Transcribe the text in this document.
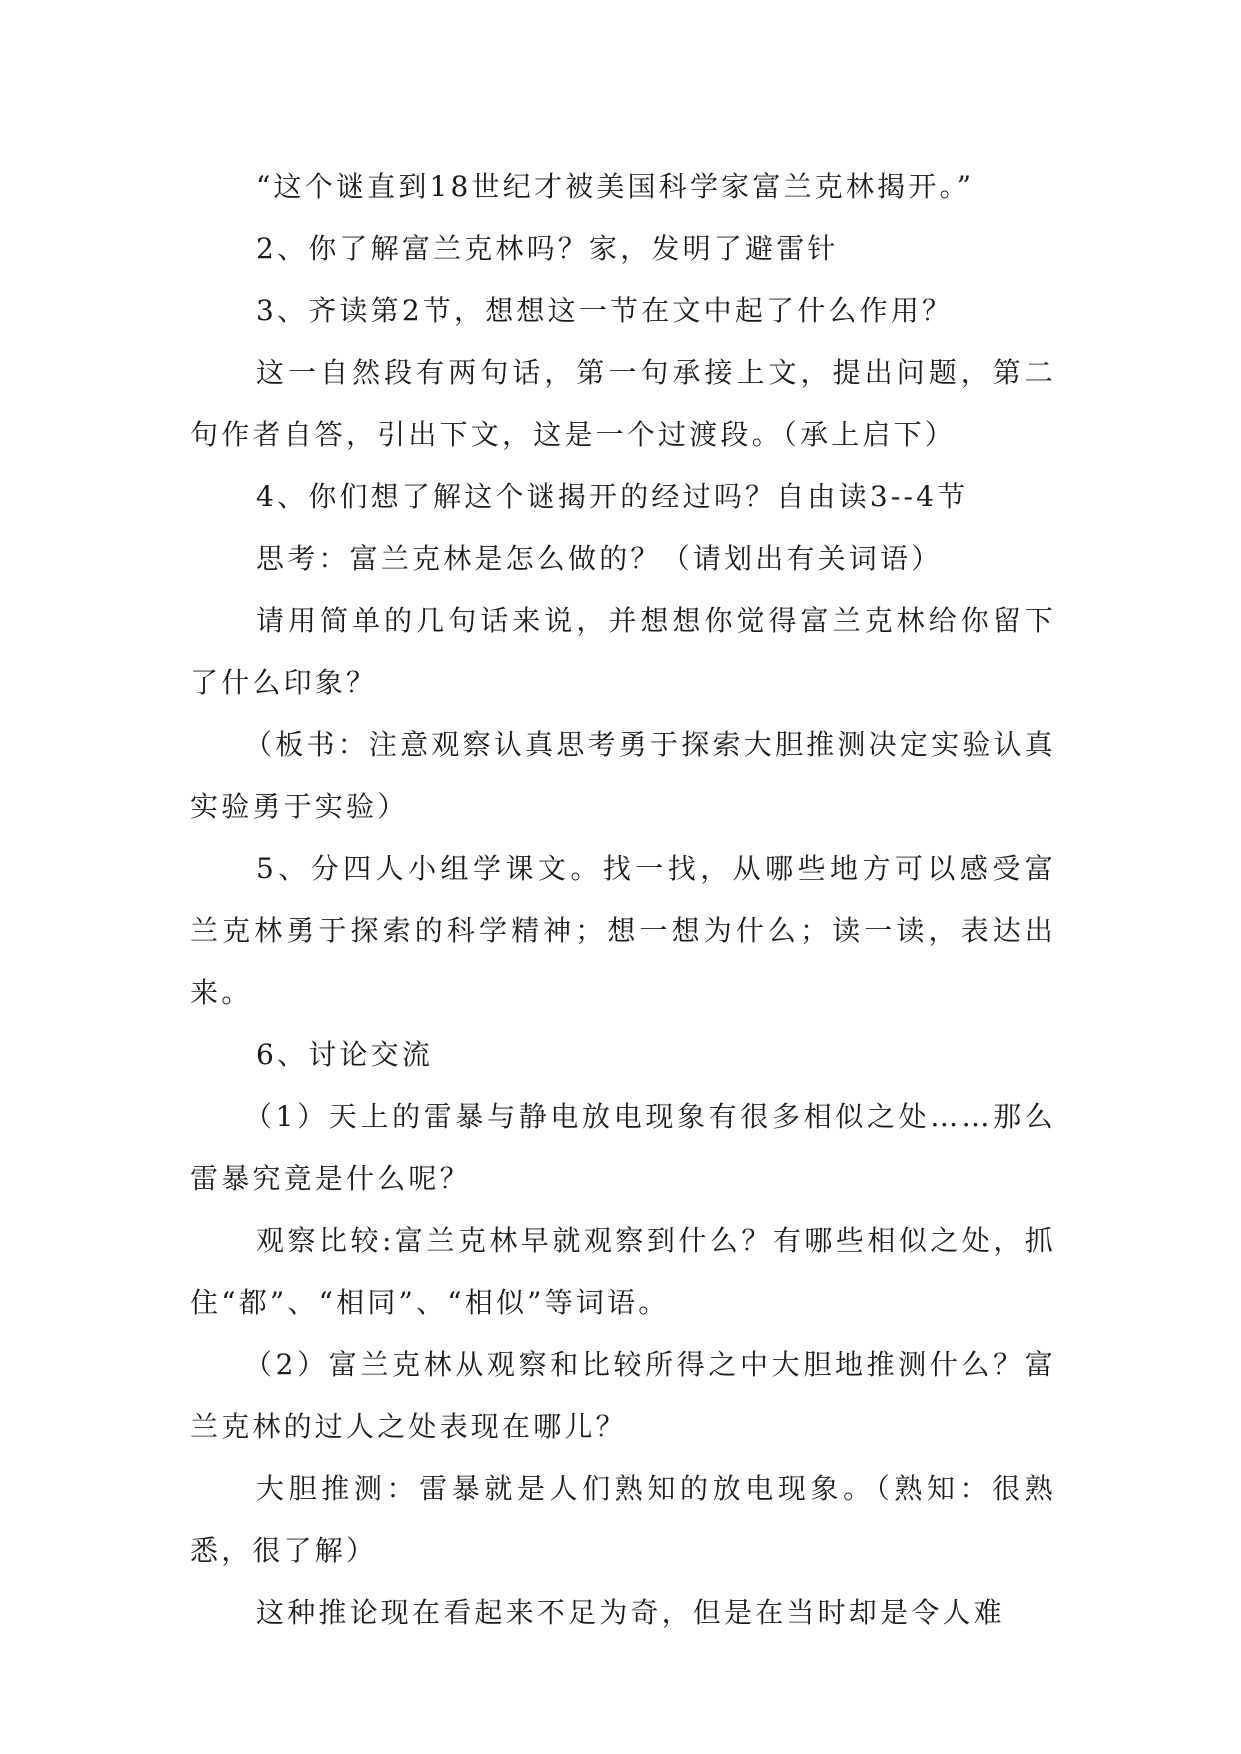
“这个谜直到18世纪才被美国科学家富兰克林揭开。”

2、你了解富兰克林吗？家，发明了避雷针

3、齐读第2节，想想这一节在文中起了什么作用？

这一自然段有两句话，第一句承接上文，提出问题，第二句作者自答，引出下文，这是一个过渡段。（承上启下）

4、你们想了解这个谜揭开的经过吗？自由读3--4节

思考：富兰克林是怎么做的？（请划出有关词语）

请用简单的几句话来说，并想想你觉得富兰克林给你留下了什么印象？

（板书：注意观察认真思考勇于探索大胆推测决定实验认真实验勇于实验）

5、分四人小组学课文。找一找，从哪些地方可以感受富兰克林勇于探索的科学精神；想一想为什么；读一读，表达出来。

6、讨论交流

（1）天上的雷暴与静电放电现象有很多相似之处……那么雷暴究竟是什么呢？

观察比较:富兰克林早就观察到什么？有哪些相似之处，抓住“都”、“相同”、“相似”等词语。

（2）富兰克林从观察和比较所得之中大胆地推测什么？富兰克林的过人之处表现在哪儿？

大胆推测：雷暴就是人们熟知的放电现象。（熟知：很熟悉，很了解）

这种推论现在看起来不足为奇，但是在当时却是令人难
